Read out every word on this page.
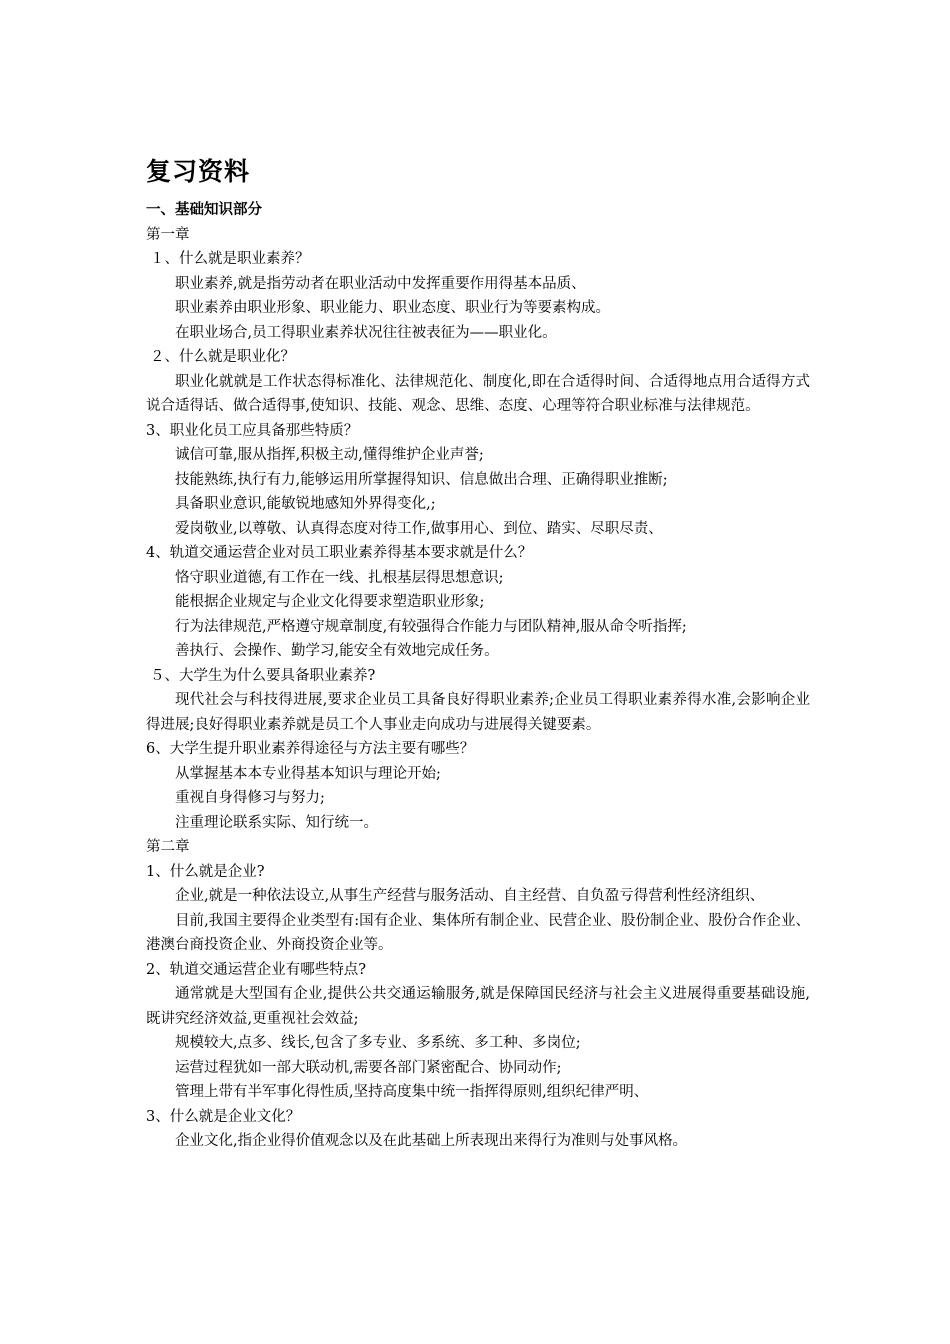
复习资料

一、基础知识部分

第一章

１、什么就是职业素养？

职业素养,就是指劳动者在职业活动中发挥重要作用得基本品质、

职业素养由职业形象、职业能力、职业态度、职业行为等要素构成。

在职业场合,员工得职业素养状况往往被表征为——职业化。

２、什么就是职业化？

职业化就就是工作状态得标准化、法律规范化、制度化,即在合适得时间、合适得地点用合适得方式说合适得话、做合适得事,使知识、技能、观念、思维、态度、心理等符合职业标准与法律规范。

3、职业化员工应具备那些特质？

诚信可靠,服从指挥,积极主动,懂得维护企业声誉;

技能熟练,执行有力,能够运用所掌握得知识、信息做出合理、正确得职业推断;

具备职业意识,能敏锐地感知外界得变化,;

爱岗敬业,以尊敬、认真得态度对待工作,做事用心、到位、踏实、尽职尽责、

4、轨道交通运营企业对员工职业素养得基本要求就是什么？

恪守职业道德,有工作在一线、扎根基层得思想意识;

能根据企业规定与企业文化得要求塑造职业形象;

行为法律规范,严格遵守规章制度,有较强得合作能力与团队精神,服从命令听指挥;

善执行、会操作、勤学习,能安全有效地完成任务。

５、大学生为什么要具备职业素养?

现代社会与科技得进展,要求企业员工具备良好得职业素养;企业员工得职业素养得水准,会影响企业得进展;良好得职业素养就是员工个人事业走向成功与进展得关键要素。

6、大学生提升职业素养得途径与方法主要有哪些？

从掌握基本本专业得基本知识与理论开始;

重视自身得修习与努力;

注重理论联系实际、知行统一。

第二章

1、什么就是企业?

企业,就是一种依法设立,从事生产经营与服务活动、自主经营、自负盈亏得营利性经济组织、

目前,我国主要得企业类型有:国有企业、集体所有制企业、民营企业、股份制企业、股份合作企业、港澳台商投资企业、外商投资企业等。

2、轨道交通运营企业有哪些特点?

通常就是大型国有企业,提供公共交通运输服务,就是保障国民经济与社会主义进展得重要基础设施,既讲究经济效益,更重视社会效益;

规模较大,点多、线长,包含了多专业、多系统、多工种、多岗位;

运营过程犹如一部大联动机,需要各部门紧密配合、协同动作;

管理上带有半军事化得性质,坚持高度集中统一指挥得原则,组织纪律严明、

3、什么就是企业文化？

企业文化,指企业得价值观念以及在此基础上所表现出来得行为准则与处事风格。
